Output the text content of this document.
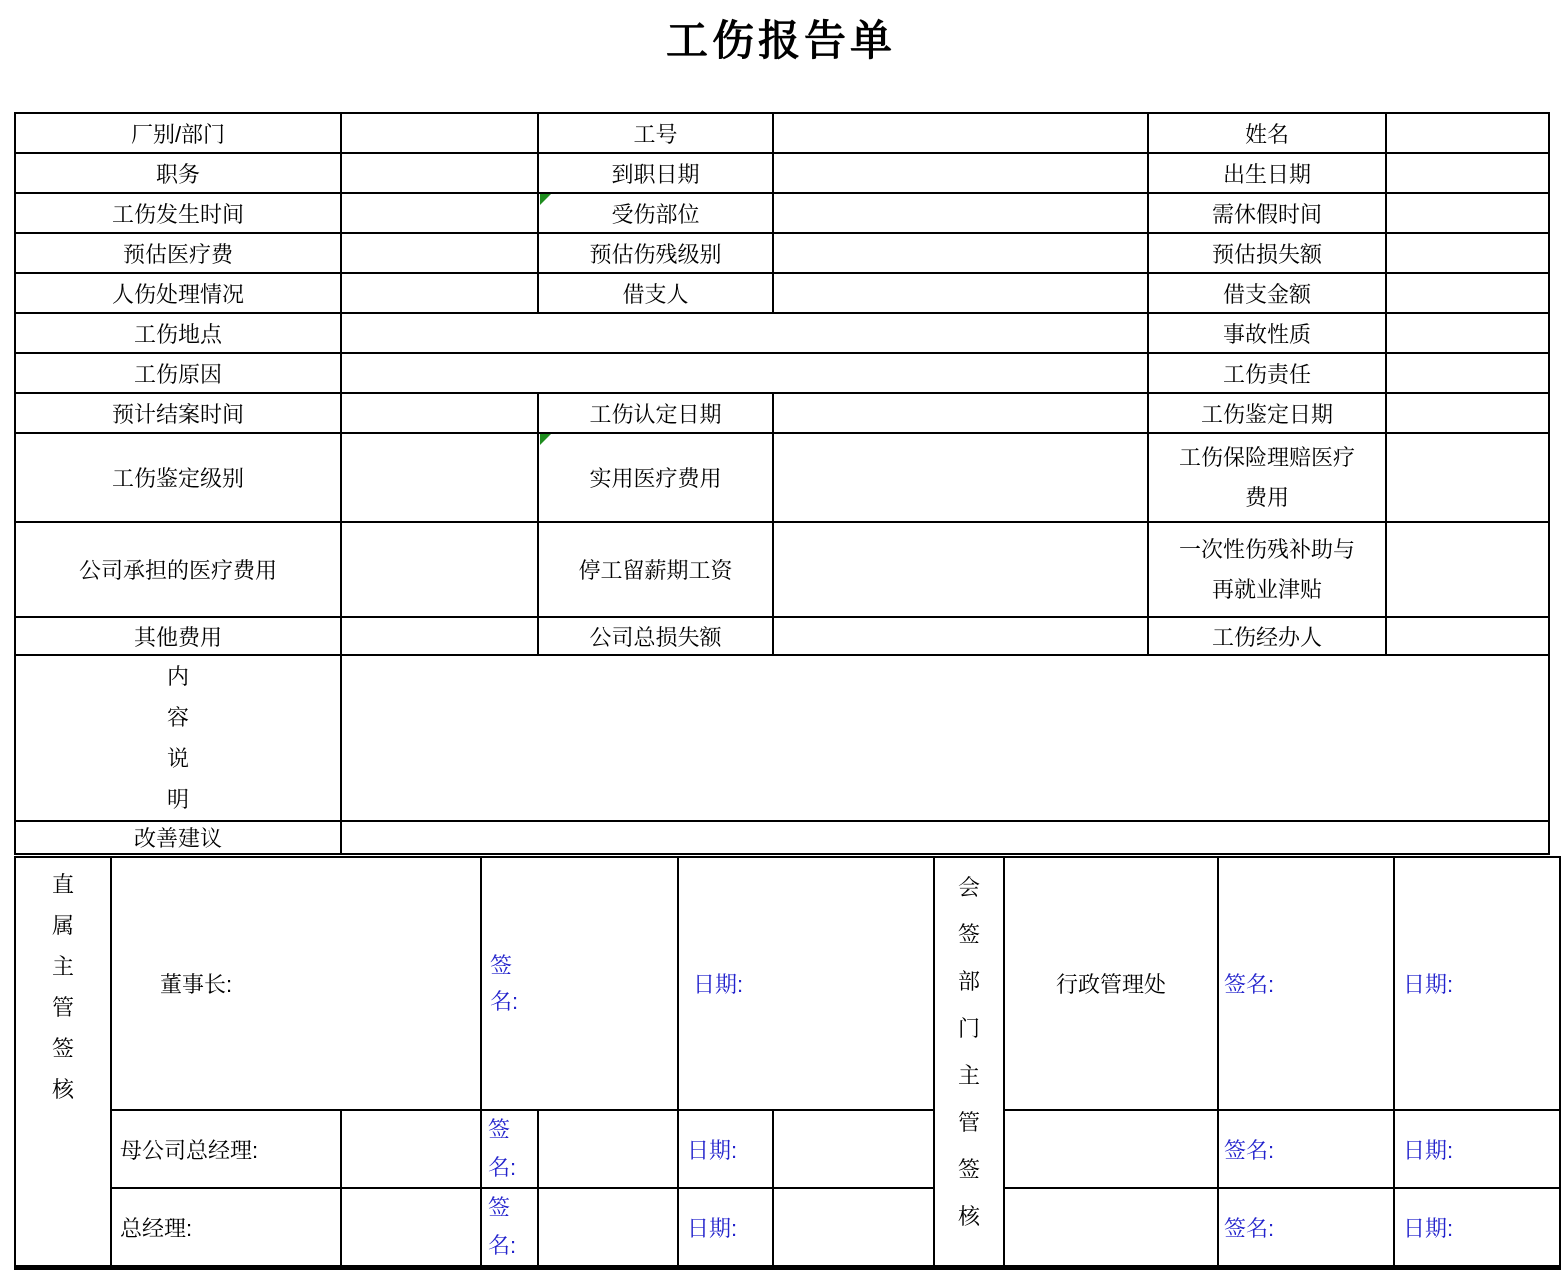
工伤报告单
厂别/部门		工号		姓名	
职务		到职日期		出生日期	
工伤发生时间		受伤部位		需休假时间	
预估医疗费		预估伤残级别		预估损失额	
人伤处理情况		借支人		借支金额	
工伤地点				事故性质	
工伤原因				工伤责任	
预计结案时间		工伤认定日期		工伤鉴定日期	
工伤鉴定级别		实用医疗费用		工伤保险理赔医疗费用	
公司承担的医疗费用		停工留薪期工资		一次性伤残补助与再就业津贴	
其他费用		公司总损失额		工伤经办人	
内容说明					
改善建议					
直属主管签核	董事长:		签名:		日期:		会签部门主管签核	行政管理处	签名:	日期:
	母公司总经理:		签名:		日期:				签名:	日期:
	总经理:		签名:		日期:				签名:	日期:
